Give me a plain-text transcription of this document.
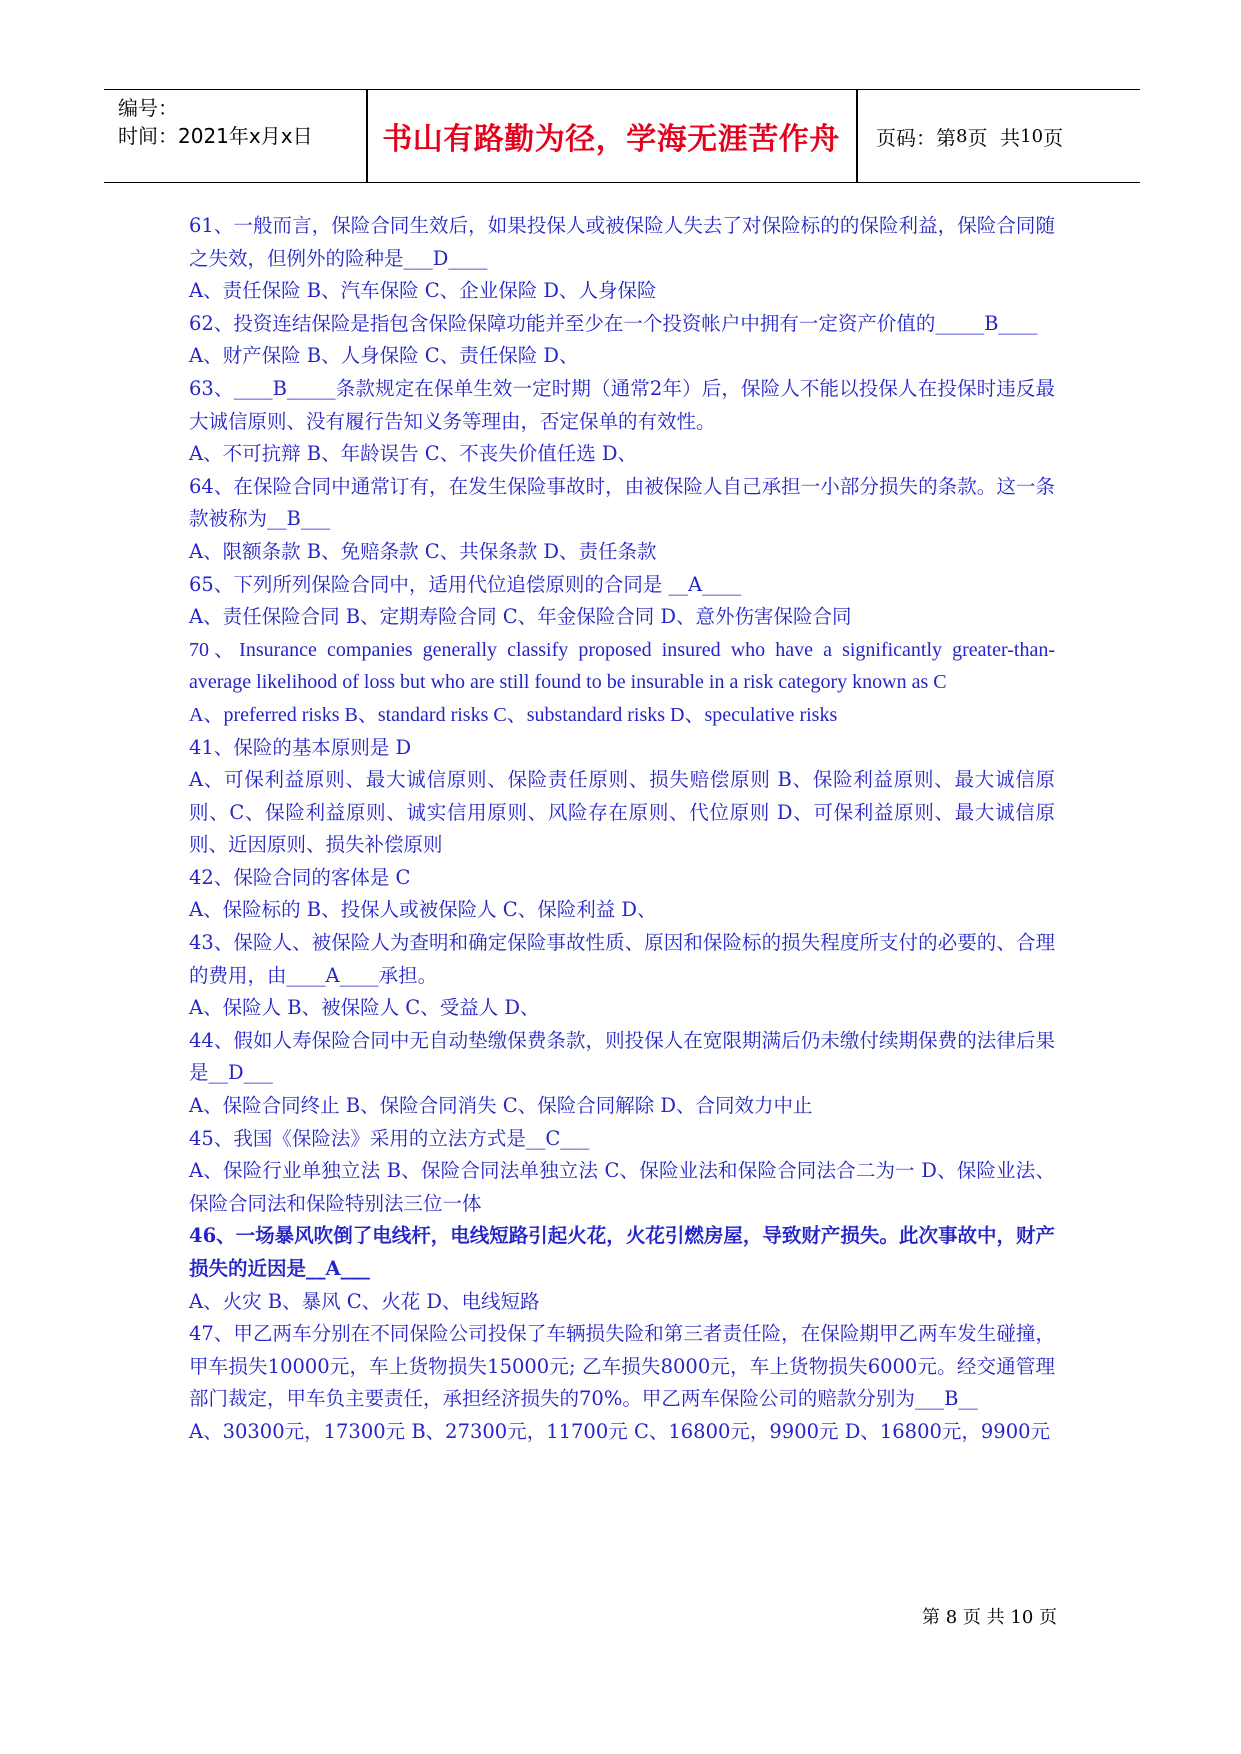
编号：
时间：2021年x月x日	书山有路勤为径，学海无涯苦作舟	页码：第 8 页  共 10 页

61、一般而言，保险合同生效后，如果投保人或被保险人失去了对保险标的的保险利益，保险合同随之失效，但例外的险种是___D____

A、责任保险 B、汽车保险 C、企业保险 D、人身保险

62、投资连结保险是指包含保险保障功能并至少在一个投资帐户中拥有一定资产价值的_____B____

A、财产保险 B、人身保险 C、责任保险 D、

63、____B_____条款规定在保单生效一定时期（通常2年）后，保险人不能以投保人在投保时违反最大诚信原则、没有履行告知义务等理由，否定保单的有效性。

A、不可抗辩 B、年龄误告 C、不丧失价值任选 D、

64、在保险合同中通常订有，在发生保险事故时，由被保险人自己承担一小部分损失的条款。这一条款被称为__B___

A、限额条款 B、免赔条款 C、共保条款 D、责任条款

65、下列所列保险合同中，适用代位追偿原则的合同是 __A____

A、责任保险合同 B、定期寿险合同 C、年金保险合同 D、意外伤害保险合同

70、Insurance companies generally classify proposed insured who have a significantly greater-than- average likelihood of loss but who are still found to be insurable in a risk category known as C

A、preferred risks B、standard risks C、substandard risks D、speculative risks

41、保险的基本原则是 D

A、可保利益原则、最大诚信原则、保险责任原则、损失赔偿原则 B、保险利益原则、最大诚信原则、C、保险利益原则、诚实信用原则、风险存在原则、代位原则 D、可保利益原则、最大诚信原则、近因原则、损失补偿原则

42、保险合同的客体是 C

A、保险标的 B、投保人或被保险人 C、保险利益 D、

43、保险人、被保险人为查明和确定保险事故性质、原因和保险标的损失程度所支付的必要的、合理的费用，由____A____承担。

A、保险人 B、被保险人 C、受益人 D、

44、假如人寿保险合同中无自动垫缴保费条款，则投保人在宽限期满后仍未缴付续期保费的法律后果是__D___

A、保险合同终止 B、保险合同消失 C、保险合同解除 D、合同效力中止

45、我国《保险法》采用的立法方式是__C___

A、保险行业单独立法 B、保险合同法单独立法 C、保险业法和保险合同法合二为一 D、保险业法、保险合同法和保险特别法三位一体

46、一场暴风吹倒了电线杆，电线短路引起火花，火花引燃房屋，导致财产损失。此次事故中，财产损失的近因是__A___

A、火灾 B、暴风 C、火花 D、电线短路

47、甲乙两车分别在不同保险公司投保了车辆损失险和第三者责任险，在保险期甲乙两车发生碰撞，甲车损失10000元，车上货物损失15000元; 乙车损失8000元，车上货物损失6000元。经交通管理部门裁定，甲车负主要责任，承担经济损失的70%。甲乙两车保险公司的赔款分别为___B__

A、30300元，17300元 B、27300元，11700元 C、16800元，9900元 D、16800元，9900元

第 8 页 共 10 页
